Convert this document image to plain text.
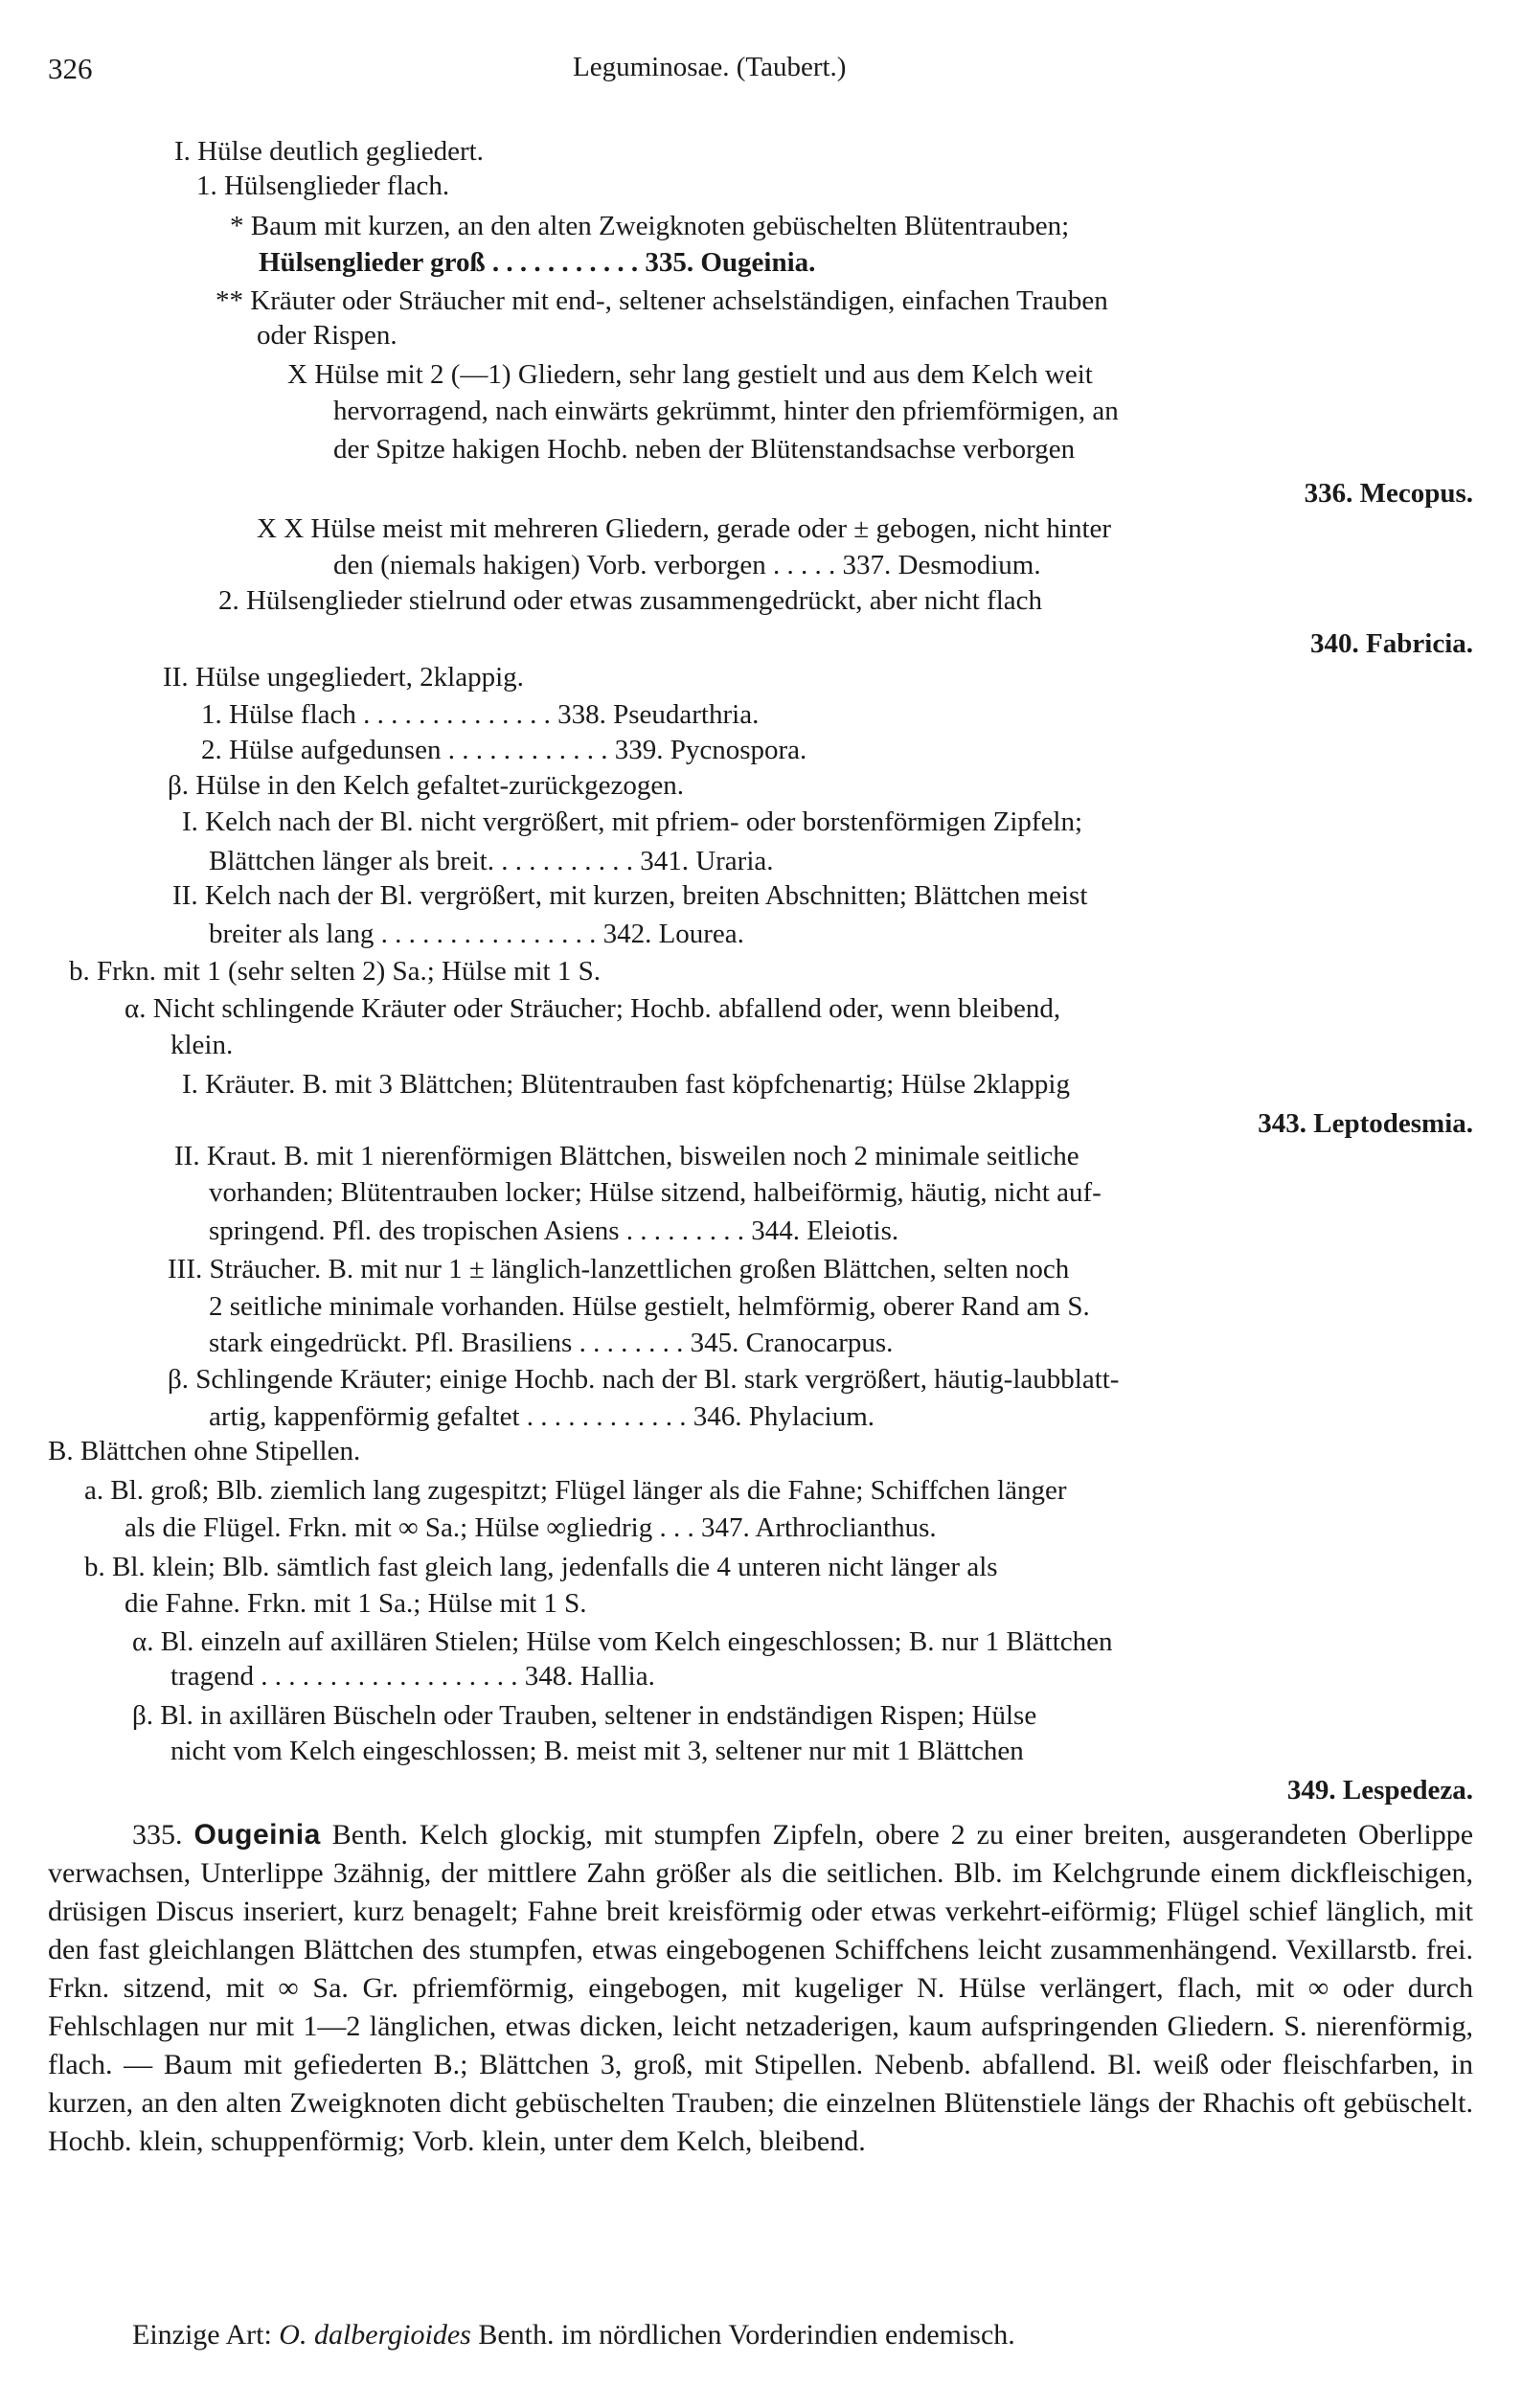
326	Leguminosae. (Taubert.)
I. Hülse deutlich gegliedert.
1. Hülsenglieder flach.
* Baum mit kurzen, an den alten Zweigknoten gebüschelten Blütentrauben;
Hülsenglieder groß . . . . . . . . . . . 335. Ougeinia.
** Kräuter oder Sträucher mit end-, seltener achselständigen, einfachen Trauben
oder Rispen.
X Hülse mit 2 (—1) Gliedern, sehr lang gestielt und aus dem Kelch weit
hervorragend, nach einwärts gekrümmt, hinter den pfriemförmigen, an
der Spitze hakigen Hochb. neben der Blütenstandsachse verborgen
336. Mecopus.
X X Hülse meist mit mehreren Gliedern, gerade oder ± gebogen, nicht hinter
den (niemals hakigen) Vorb. verborgen . . . . . 337. Desmodium.
2. Hülsenglieder stielrund oder etwas zusammengedrückt, aber nicht flach
340. Fabricia.
II. Hülse ungegliedert, 2klappig.
1. Hülse flach . . . . . . . . . . . . . . 338. Pseudarthria.
2. Hülse aufgedunsen . . . . . . . . . . . . 339. Pycnospora.
β. Hülse in den Kelch gefaltet-zurückgezogen.
I. Kelch nach der Bl. nicht vergrößert, mit pfriem- oder borstenförmigen Zipfeln;
Blättchen länger als breit. . . . . . . . . . . 341. Uraria.
II. Kelch nach der Bl. vergrößert, mit kurzen, breiten Abschnitten; Blättchen meist
breiter als lang . . . . . . . . . . . . . . . . 342. Lourea.
b. Frkn. mit 1 (sehr selten 2) Sa.; Hülse mit 1 S.
α. Nicht schlingende Kräuter oder Sträucher; Hochb. abfallend oder, wenn bleibend,
klein.
I. Kräuter. B. mit 3 Blättchen; Blütentrauben fast köpfchenartig; Hülse 2klappig
343. Leptodesmia.
II. Kraut. B. mit 1 nierenförmigen Blättchen, bisweilen noch 2 minimale seitliche
vorhanden; Blütentrauben locker; Hülse sitzend, halbeiförmig, häutig, nicht auf-
springend. Pfl. des tropischen Asiens . . . . . . . . . 344. Eleiotis.
III. Sträucher. B. mit nur 1 ± länglich-lanzettlichen großen Blättchen, selten noch
2 seitliche minimale vorhanden. Hülse gestielt, helmförmig, oberer Rand am S.
stark eingedrückt. Pfl. Brasiliens . . . . . . . . 345. Cranocarpus.
β. Schlingende Kräuter; einige Hochb. nach der Bl. stark vergrößert, häutig-laubblatt-
artig, kappenförmig gefaltet . . . . . . . . . . . . 346. Phylacium.
B. Blättchen ohne Stipellen.
a. Bl. groß; Blb. ziemlich lang zugespitzt; Flügel länger als die Fahne; Schiffchen länger
als die Flügel. Frkn. mit ∞ Sa.; Hülse ∞gliedrig . . . 347. Arthroclianthus.
b. Bl. klein; Blb. sämtlich fast gleich lang, jedenfalls die 4 unteren nicht länger als
die Fahne. Frkn. mit 1 Sa.; Hülse mit 1 S.
α. Bl. einzeln auf axillären Stielen; Hülse vom Kelch eingeschlossen; B. nur 1 Blättchen
tragend . . . . . . . . . . . . . . . . . . . 348. Hallia.
β. Bl. in axillären Büscheln oder Trauben, seltener in endständigen Rispen; Hülse
nicht vom Kelch eingeschlossen; B. meist mit 3, seltener nur mit 1 Blättchen
349. Lespedeza.
335. Ougeinia Benth. Kelch glockig, mit stumpfen Zipfeln, obere 2 zu einer breiten, ausgerandeten Oberlippe verwachsen, Unterlippe 3zähnig, der mittlere Zahn größer als die seitlichen. Blb. im Kelchgrunde einem dickfleischigen, drüsigen Discus inseriert, kurz benagelt; Fahne breit kreisförmig oder etwas verkehrt-eiförmig; Flügel schief länglich, mit den fast gleichlangen Blättchen des stumpfen, etwas eingebogenen Schiffchens leicht zusammenhängend. Vexillarstb. frei. Frkn. sitzend, mit ∞ Sa. Gr. pfriemförmig, eingebogen, mit kugeliger N. Hülse verlängert, flach, mit ∞ oder durch Fehlschlagen nur mit 1—2 länglichen, etwas dicken, leicht netzaderigen, kaum aufspringenden Gliedern. S. nierenförmig, flach. — Baum mit gefiederten B.; Blättchen 3, groß, mit Stipellen. Nebenb. abfallend. Bl. weiß oder fleischfarben, in kurzen, an den alten Zweigknoten dicht gebüschelten Trauben; die einzelnen Blütenstiele längs der Rhachis oft gebüschelt. Hochb. klein, schuppenförmig; Vorb. klein, unter dem Kelch, bleibend.
Einzige Art: O. dalbergioides Benth. im nördlichen Vorderindien endemisch.
